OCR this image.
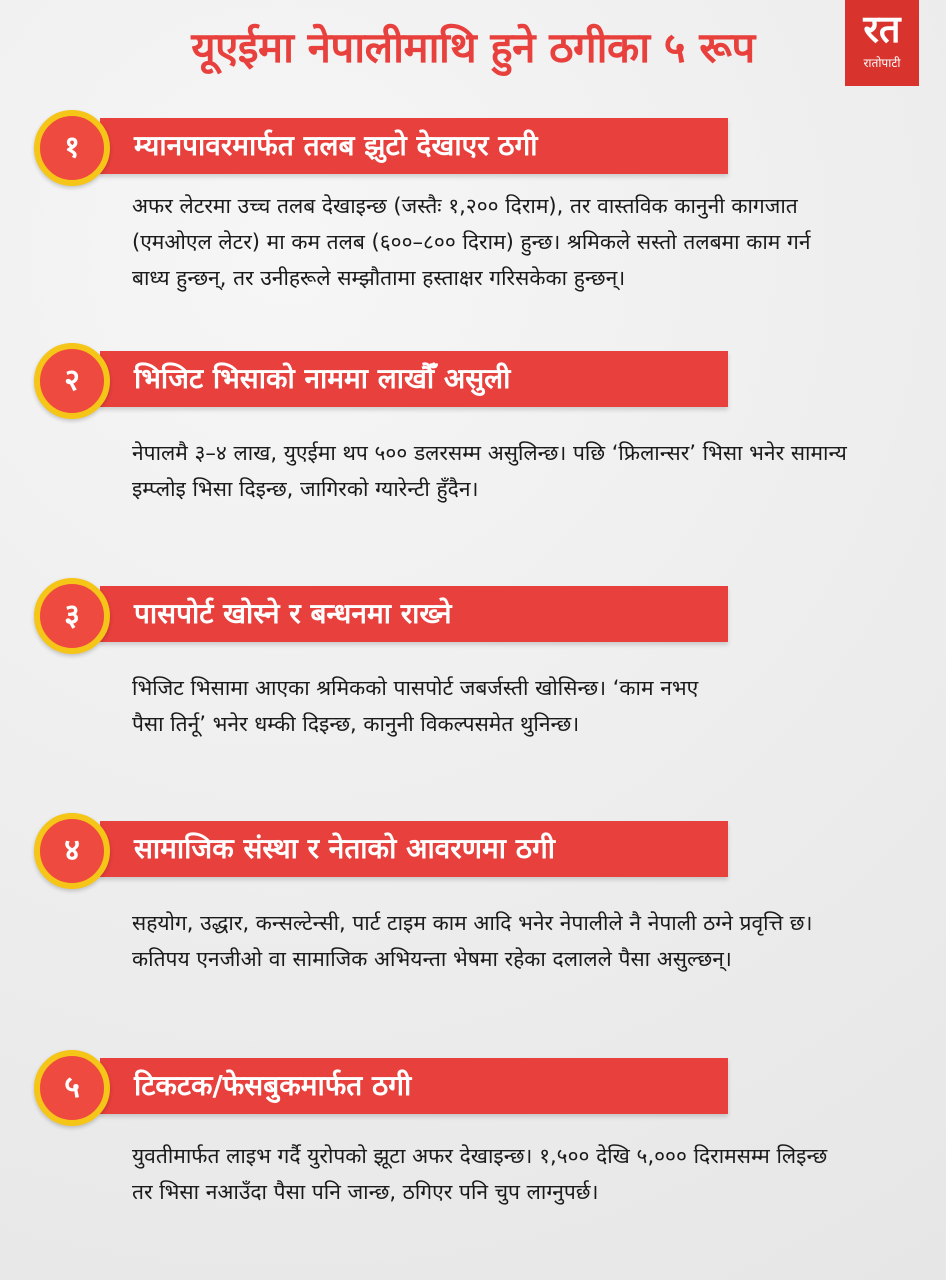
यूएईमा नेपालीमाथि हुने ठगीका ५ रूप	रत
रातोपाटी
म्यानपावरमार्फत तलब झुटो देखाएर ठगी
१
अफर लेटरमा उच्च तलब देखाइन्छ (जस्तैः १,२०० दिराम), तर वास्तविक कानुनी कागजात (एमओएल लेटर) मा कम तलब (६००–८०० दिराम) हुन्छ। श्रमिकले सस्तो तलबमा काम गर्न बाध्य हुन्छन्, तर उनीहरूले सम्झौतामा हस्ताक्षर गरिसकेका हुन्छन्।
भिजिट भिसाको नाममा लाखौँ असुली
२
नेपालमै ३–४ लाख, युएईमा थप ५०० डलरसम्म असुलिन्छ। पछि ‘फ्रिलान्सर’ भिसा भनेर सामान्य इम्प्लोइ भिसा दिइन्छ, जागिरको ग्यारेन्टी हुँदैन।
पासपोर्ट खोस्ने र बन्धनमा राख्ने
३
भिजिट भिसामा आएका श्रमिकको पासपोर्ट जबर्जस्ती खोसिन्छ। ‘काम नभए पैसा तिर्नू’ भनेर धम्की दिइन्छ, कानुनी विकल्पसमेत थुनिन्छ।
सामाजिक संस्था र नेताको आवरणमा ठगी
४
सहयोग, उद्धार, कन्सल्टेन्सी, पार्ट टाइम काम आदि भनेर नेपालीले नै नेपाली ठग्ने प्रवृत्ति छ। कतिपय एनजीओ वा सामाजिक अभियन्ता भेषमा रहेका दलालले पैसा असुल्छन्।
टिकटक/फेसबुकमार्फत ठगी
५
युवतीमार्फत लाइभ गर्दै युरोपको झूटा अफर देखाइन्छ। १,५०० देखि ५,००० दिरामसम्म लिइन्छ तर भिसा नआउँदा पैसा पनि जान्छ, ठगिएर पनि चुप लाग्नुपर्छ।
